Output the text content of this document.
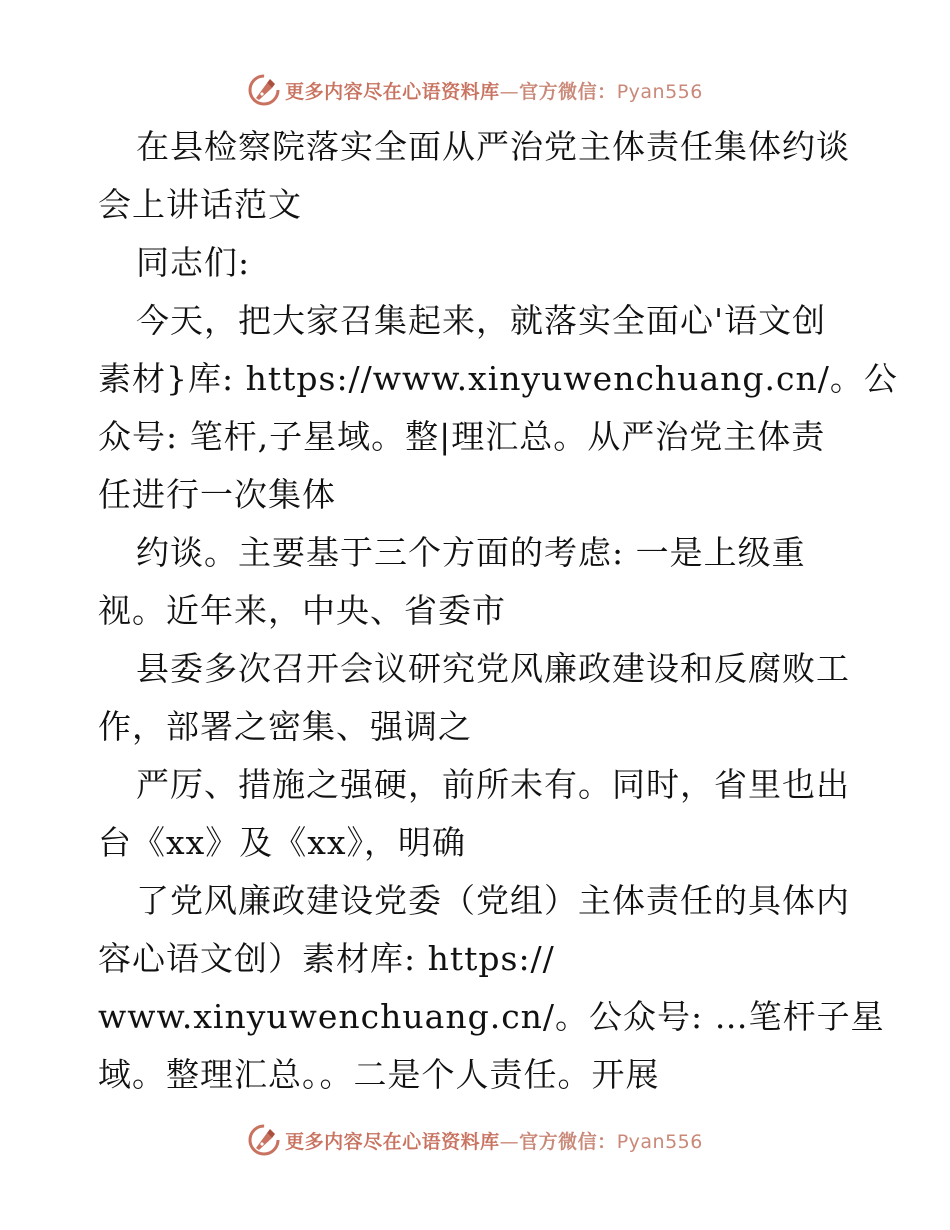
更多内容尽在心语资料库—官方微信：Pyan556
在县检察院落实全面从严治党主体责任集体约谈
会上讲话范文
同志们:
今天，把大家召集起来，就落实全面心'语文创
素材}库: https://www.xinyuwenchuang.cn/。公
众号: 笔杆,子星域。整|理汇总。从严治党主体责
任进行一次集体
约谈。主要基于三个方面的考虑: 一是上级重
视。近年来，中央、省委市
县委多次召开会议研究党风廉政建设和反腐败工
作，部署之密集、强调之
严厉、措施之强硬，前所未有。同时，省里也出
台《xx》及《xx》，明确
了党风廉政建设党委（党组）主体责任的具体内
容心语文创）素材库: https://
www.xinyuwenchuang.cn/。公众号: …笔杆子星
域。整理汇总。。二是个人责任。开展
更多内容尽在心语资料库—官方微信：Pyan556
